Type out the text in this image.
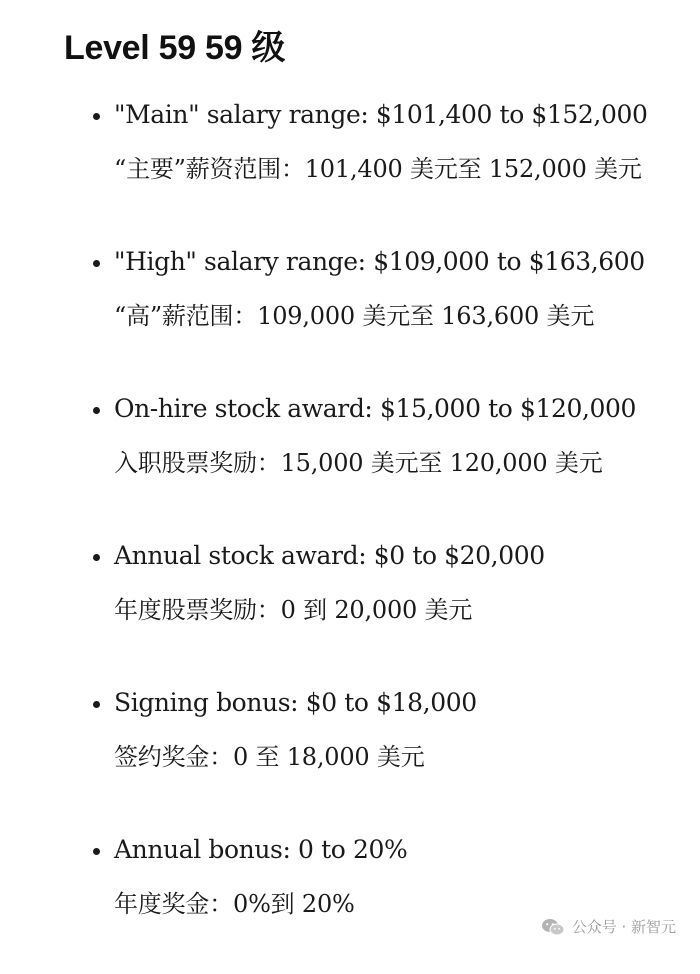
Level 59 59 级
"Main" salary range: $101,400 to $152,000
“主要”薪资范围：101,400 美元至 152,000 美元
"High" salary range: $109,000 to $163,600
“高”薪范围：109,000 美元至 163,600 美元
On-hire stock award: $15,000 to $120,000
入职股票奖励：15,000 美元至 120,000 美元
Annual stock award: $0 to $20,000
年度股票奖励：0 到 20,000 美元
Signing bonus: $0 to $18,000
签约奖金：0 至 18,000 美元
Annual bonus: 0 to 20%
年度奖金：0%到 20%
公众号 · 新智元
